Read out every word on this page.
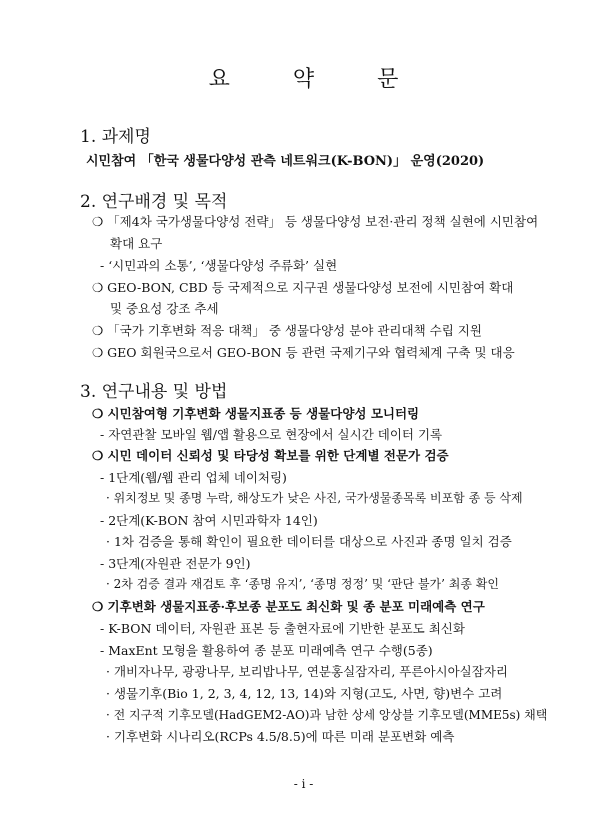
요	약	문
1. 과제명
시민참여 「한국 생물다양성 관측 네트워크(K-BON)」 운영(2020)
2. 연구배경 및 목적
❍ 「제4차 국가생물다양성 전략」 등 생물다양성 보전·관리 정책 실현에 시민참여
확대 요구
- ‘시민과의 소통’, ‘생물다양성 주류화’ 실현
❍ GEO-BON, CBD 등 국제적으로 지구권 생물다양성 보전에 시민참여 확대
및 중요성 강조 추세
❍ 「국가 기후변화 적응 대책」 중 생물다양성 분야 관리대책 수립 지원
❍ GEO 회원국으로서 GEO-BON 등 관련 국제기구와 협력체계 구축 및 대응
3. 연구내용 및 방법
❍ 시민참여형 기후변화 생물지표종 등 생물다양성 모니터링
- 자연관찰 모바일 웹/앱 활용으로 현장에서 실시간 데이터 기록
❍ 시민 데이터 신뢰성 및 타당성 확보를 위한 단계별 전문가 검증
- 1단계(웹/웹 관리 업체 네이처링)
· 위치정보 및 종명 누락, 해상도가 낮은 사진, 국가생물종목록 비포함 종 등 삭제
- 2단계(K-BON 참여 시민과학자 14인)
· 1차 검증을 통해 확인이 필요한 데이터를 대상으로 사진과 종명 일치 검증
- 3단계(자원관 전문가 9인)
· 2차 검증 결과 재검토 후 ‘종명 유지’, ‘종명 정정’ 및 ‘판단 불가’ 최종 확인
❍ 기후변화 생물지표종·후보종 분포도 최신화 및 종 분포 미래예측 연구
- K-BON 데이터, 자원관 표본 등 출현자료에 기반한 분포도 최신화
- MaxEnt 모형을 활용하여 종 분포 미래예측 연구 수행(5종)
· 개비자나무, 광광나무, 보리밥나무, 연분홍실잠자리, 푸른아시아실잠자리
· 생물기후(Bio 1, 2, 3, 4, 12, 13, 14)와 지형(고도, 사면, 향)변수 고려
· 전 지구적 기후모델(HadGEM2-AO)과 남한 상세 앙상블 기후모델(MME5s) 채택
· 기후변화 시나리오(RCPs 4.5/8.5)에 따른 미래 분포변화 예측
- i -
